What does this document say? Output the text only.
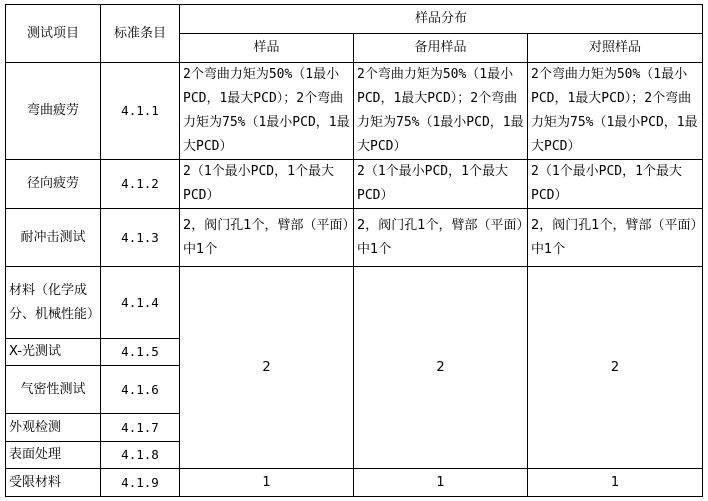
测试项目	标准条目	样品分布		
		样品	备用样品	对照样品
弯曲疲劳	4.1.1	2个弯曲力矩为50%（1最小PCD，1最大PCD）；2个弯曲力矩为75%（1最小PCD，1最大PCD）	2个弯曲力矩为50%（1最小PCD，1最大PCD）；2个弯曲力矩为75%（1最小PCD，1最大PCD）	2个弯曲力矩为50%（1最小PCD，1最大PCD）；2个弯曲力矩为75%（1最小PCD，1最大PCD）
径向疲劳	4.1.2	2（1个最小PCD，1个最大PCD）	2（1个最小PCD，1个最大PCD）	2（1个最小PCD，1个最大PCD）
耐冲击测试	4.1.3	2，阀门孔1个，臂部（平面）中1个	2，阀门孔1个，臂部（平面）中1个	2，阀门孔1个，臂部（平面）中1个
材料（化学成分、机械性能）	4.1.4	2	2	2
X-光测试	4.1.5			
气密性测试	4.1.6			
外观检测	4.1.7			
表面处理	4.1.8			
受限材料	4.1.9	1	1	1
